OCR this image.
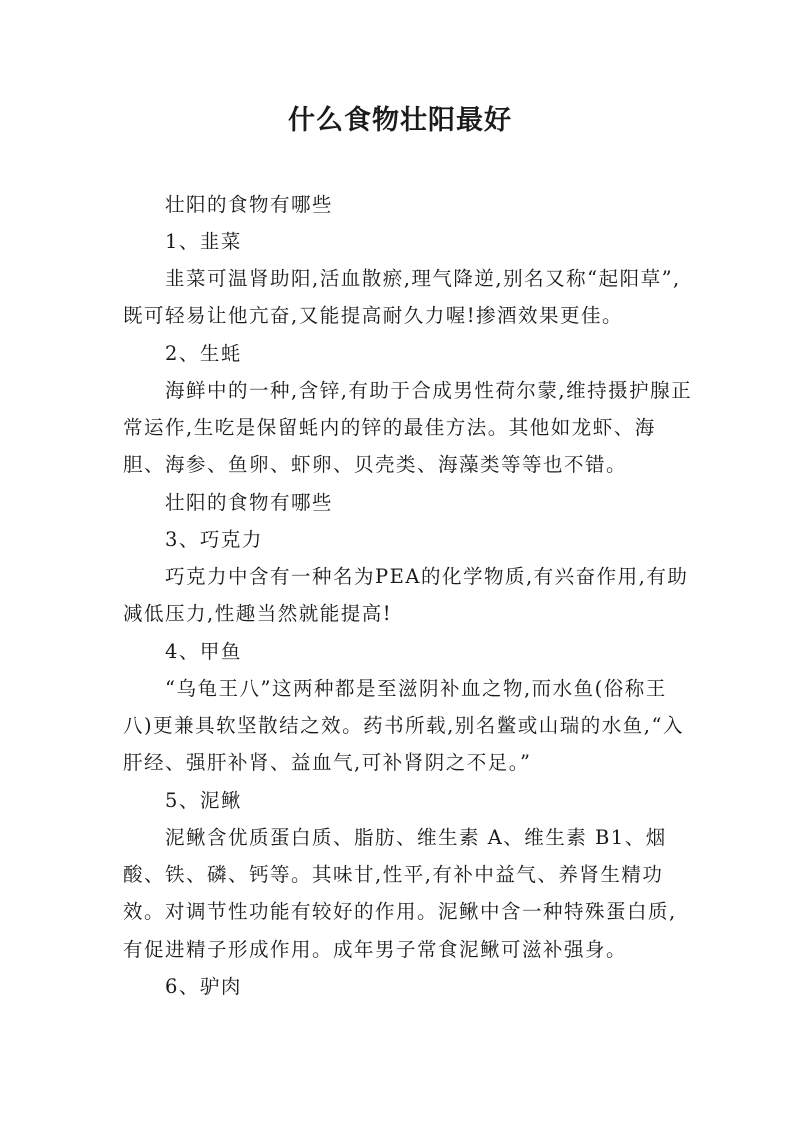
什么食物壮阳最好

壮阳的食物有哪些

1、韭菜

韭菜可温肾助阳,活血散瘀,理气降逆,别名又称“起阳草”,既可轻易让他亢奋,又能提高耐久力喔!掺酒效果更佳。

2、生蚝

海鲜中的一种,含锌,有助于合成男性荷尔蒙,维持摄护腺正常运作,生吃是保留蚝内的锌的最佳方法。其他如龙虾、海胆、海参、鱼卵、虾卵、贝壳类、海藻类等等也不错。

壮阳的食物有哪些

3、巧克力

巧克力中含有一种名为PEA的化学物质,有兴奋作用,有助减低压力,性趣当然就能提高!

4、甲鱼

“乌龟王八”这两种都是至滋阴补血之物,而水鱼(俗称王八)更兼具软坚散结之效。药书所载,别名鳖或山瑞的水鱼,“入肝经、强肝补肾、益血气,可补肾阴之不足。”

5、泥鳅

泥鳅含优质蛋白质、脂肪、维生素 A、维生素 B1、烟酸、铁、磷、钙等。其味甘,性平,有补中益气、养肾生精功效。对调节性功能有较好的作用。泥鳅中含一种特殊蛋白质,有促进精子形成作用。成年男子常食泥鳅可滋补强身。

6、驴肉
